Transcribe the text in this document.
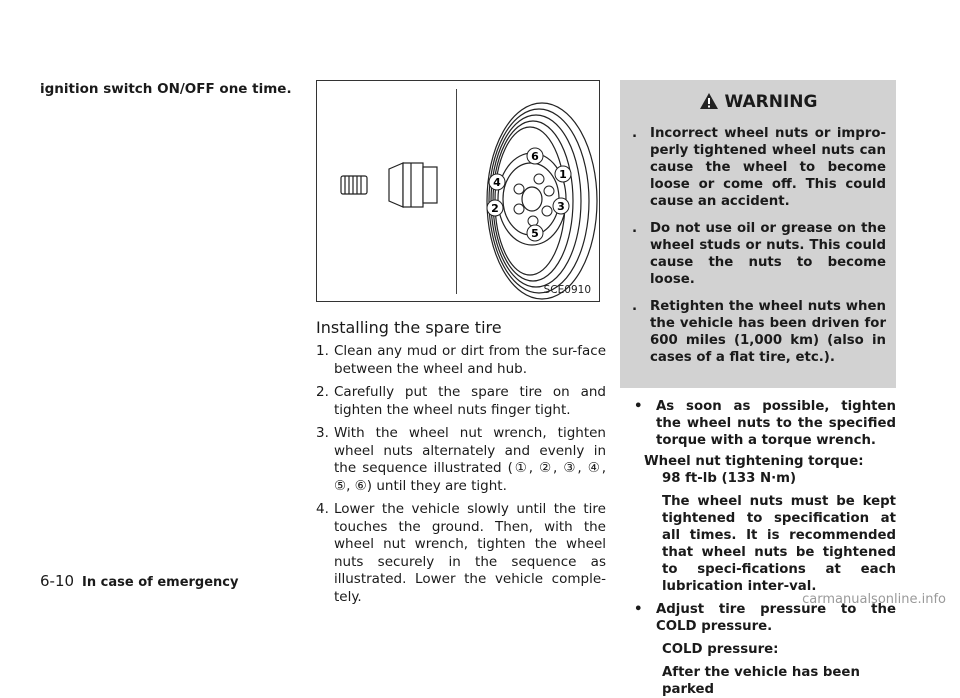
ignition switch ON/OFF one time.

1
2	3
4
5
6
SCE0910
Installing the spare tire
1. Clean any mud or dirt from the sur-face between the wheel and hub.
2. Carefully put the spare tire on and tighten the wheel nuts finger tight.
3. With the wheel nut wrench, tighten wheel nuts alternately and evenly in the sequence illustrated (①, ②, ③, ④, ⑤, ⑥) until they are tight.
4. Lower the vehicle slowly until the tire touches the ground. Then, with the wheel nut wrench, tighten the wheel nuts securely in the sequence as illustrated. Lower the vehicle comple-tely.
WARNING
. Incorrect wheel nuts or impro-perly tightened wheel nuts can cause the wheel to become loose or come off. This could cause an accident.
. Do not use oil or grease on the wheel studs or nuts. This could cause the nuts to become loose.
. Retighten the wheel nuts when the vehicle has been driven for 600 miles (1,000 km) (also in cases of a flat tire, etc.).
• As soon as possible, tighten the wheel nuts to the specified torque with a torque wrench.
Wheel nut tightening torque:
98 ft-lb (133 N·m)
The wheel nuts must be kept tightened to specification at all times. It is recommended that wheel nuts be tightened to speci-fications at each lubrication inter-val.
• Adjust tire pressure to the COLD pressure.
COLD pressure:
After the vehicle has been parked
6-10 In case of emergency
carmanualsonline.info
